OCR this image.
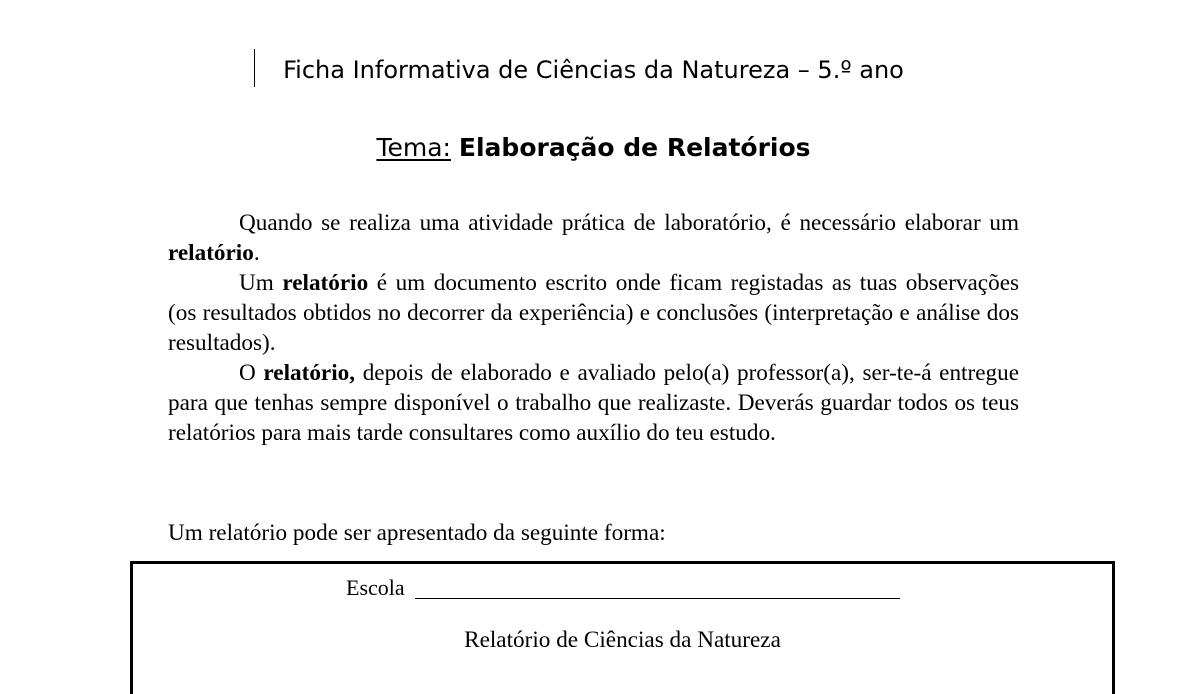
Ficha Informativa de Ciências da Natureza – 5.º ano
Tema: Elaboração de Relatórios

Quando se realiza uma atividade prática de laboratório, é necessário elaborar um relatório.

Um relatório é um documento escrito onde ficam registadas as tuas observações (os resultados obtidos no decorrer da experiência) e conclusões (interpretação e análise dos resultados).

O relatório, depois de elaborado e avaliado pelo(a) professor(a), ser-te-á entregue para que tenhas sempre disponível o trabalho que realizaste. Deverás guardar todos os teus relatórios para mais tarde consultares como auxílio do teu estudo.

Um relatório pode ser apresentado da seguinte forma:
Escola
Relatório de Ciências da Natureza
